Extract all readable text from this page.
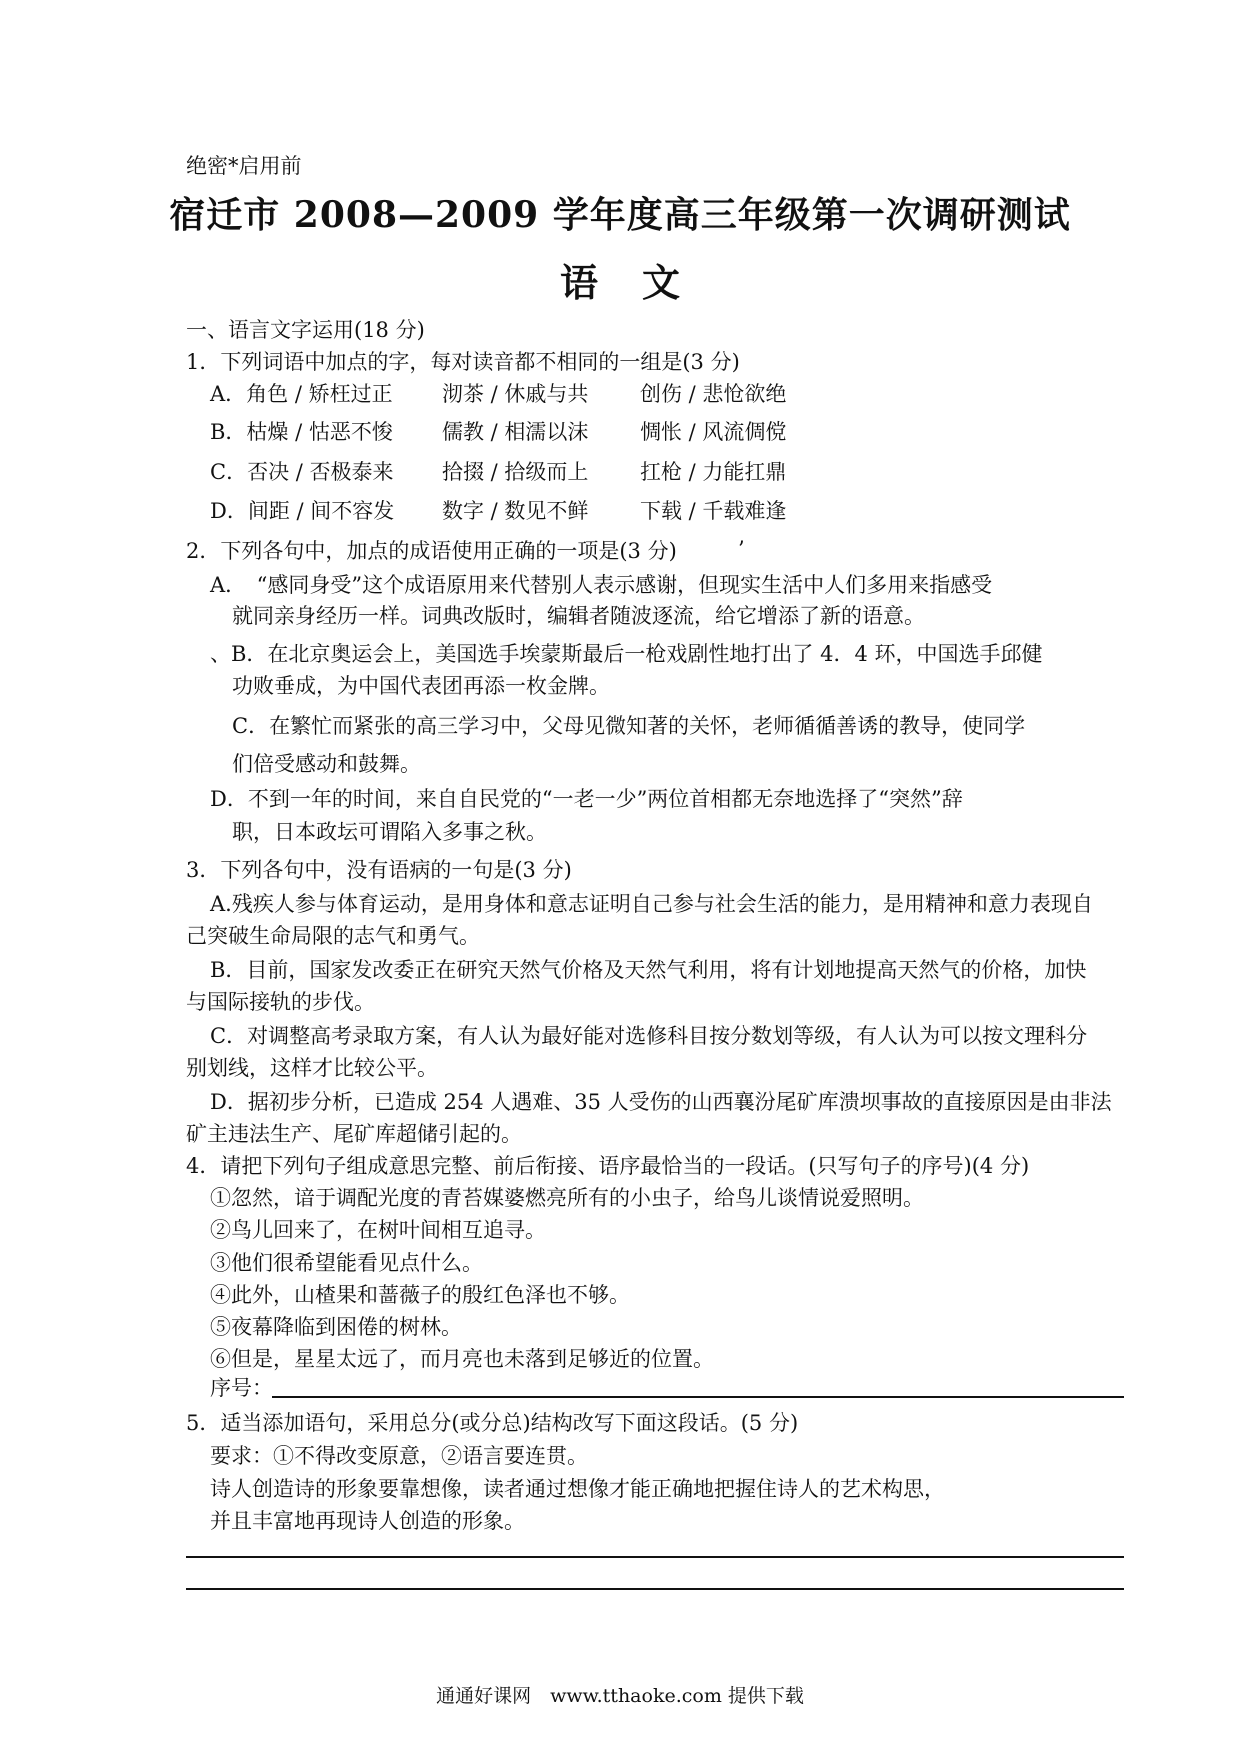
绝密*启用前
宿迁市 2008—2009 学年度高三年级第一次调研测试
语文
一、语言文字运用(18 分)
1．下列词语中加点的字，每对读音都不相同的一组是(3 分)
A．角色 / 矫枉过正 沏茶 / 休戚与共 创伤 / 悲怆欲绝
B．枯燥 / 怙恶不悛 儒教 / 相濡以沫 惆怅 / 风流倜傥
C．否决 / 否极泰来 拾掇 / 拾级而上 扛枪 / 力能扛鼎
D．间距 / 间不容发 数字 / 数见不鲜 下载 / 千载难逢
2．下列各句中，加点的成语使用正确的一项是(3 分)	’
A．　“感同身受”这个成语原用来代替别人表示感谢，但现实生活中人们多用来指感受
就同亲身经历一样。词典改版时，编辑者随波逐流，给它增添了新的语意。
、B．在北京奥运会上，美国选手埃蒙斯最后一枪戏剧性地打出了 4．4 环，中国选手邱健
功败垂成，为中国代表团再添一枚金牌。
C．在繁忙而紧张的高三学习中，父母见微知著的关怀，老师循循善诱的教导，使同学
们倍受感动和鼓舞。
D．不到一年的时间，来自自民党的“一老一少”两位首相都无奈地选择了“突然”辞
职，日本政坛可谓陷入多事之秋。
3．下列各句中，没有语病的一句是(3 分)
A.残疾人参与体育运动，是用身体和意志证明自己参与社会生活的能力，是用精神和意力表现自
己突破生命局限的志气和勇气。
B．目前，国家发改委正在研究天然气价格及天然气利用，将有计划地提高天然气的价格，加快
与国际接轨的步伐。
C．对调整高考录取方案，有人认为最好能对选修科目按分数划等级，有人认为可以按文理科分
别划线，这样才比较公平。
D．据初步分析，已造成 254 人遇难、35 人受伤的山西襄汾尾矿库溃坝事故的直接原因是由非法
矿主违法生产、尾矿库超储引起的。
4．请把下列句子组成意思完整、前后衔接、语序最恰当的一段话。(只写句子的序号)(4 分)
①忽然，谙于调配光度的青苔媒婆燃亮所有的小虫子，给鸟儿谈情说爱照明。
②鸟儿回来了，在树叶间相互追寻。
③他们很希望能看见点什么。
④此外，山楂果和蔷薇子的殷红色泽也不够。
⑤夜幕降临到困倦的树林。
⑥但是，星星太远了，而月亮也未落到足够近的位置。
序号：
5．适当添加语句，采用总分(或分总)结构改写下面这段话。(5 分)
要求：①不得改变原意，②语言要连贯。
诗人创造诗的形象要靠想像，读者通过想像才能正确地把握住诗人的艺术构思，
并且丰富地再现诗人创造的形象。
通通好课网　www.tthaoke.com 提供下载
